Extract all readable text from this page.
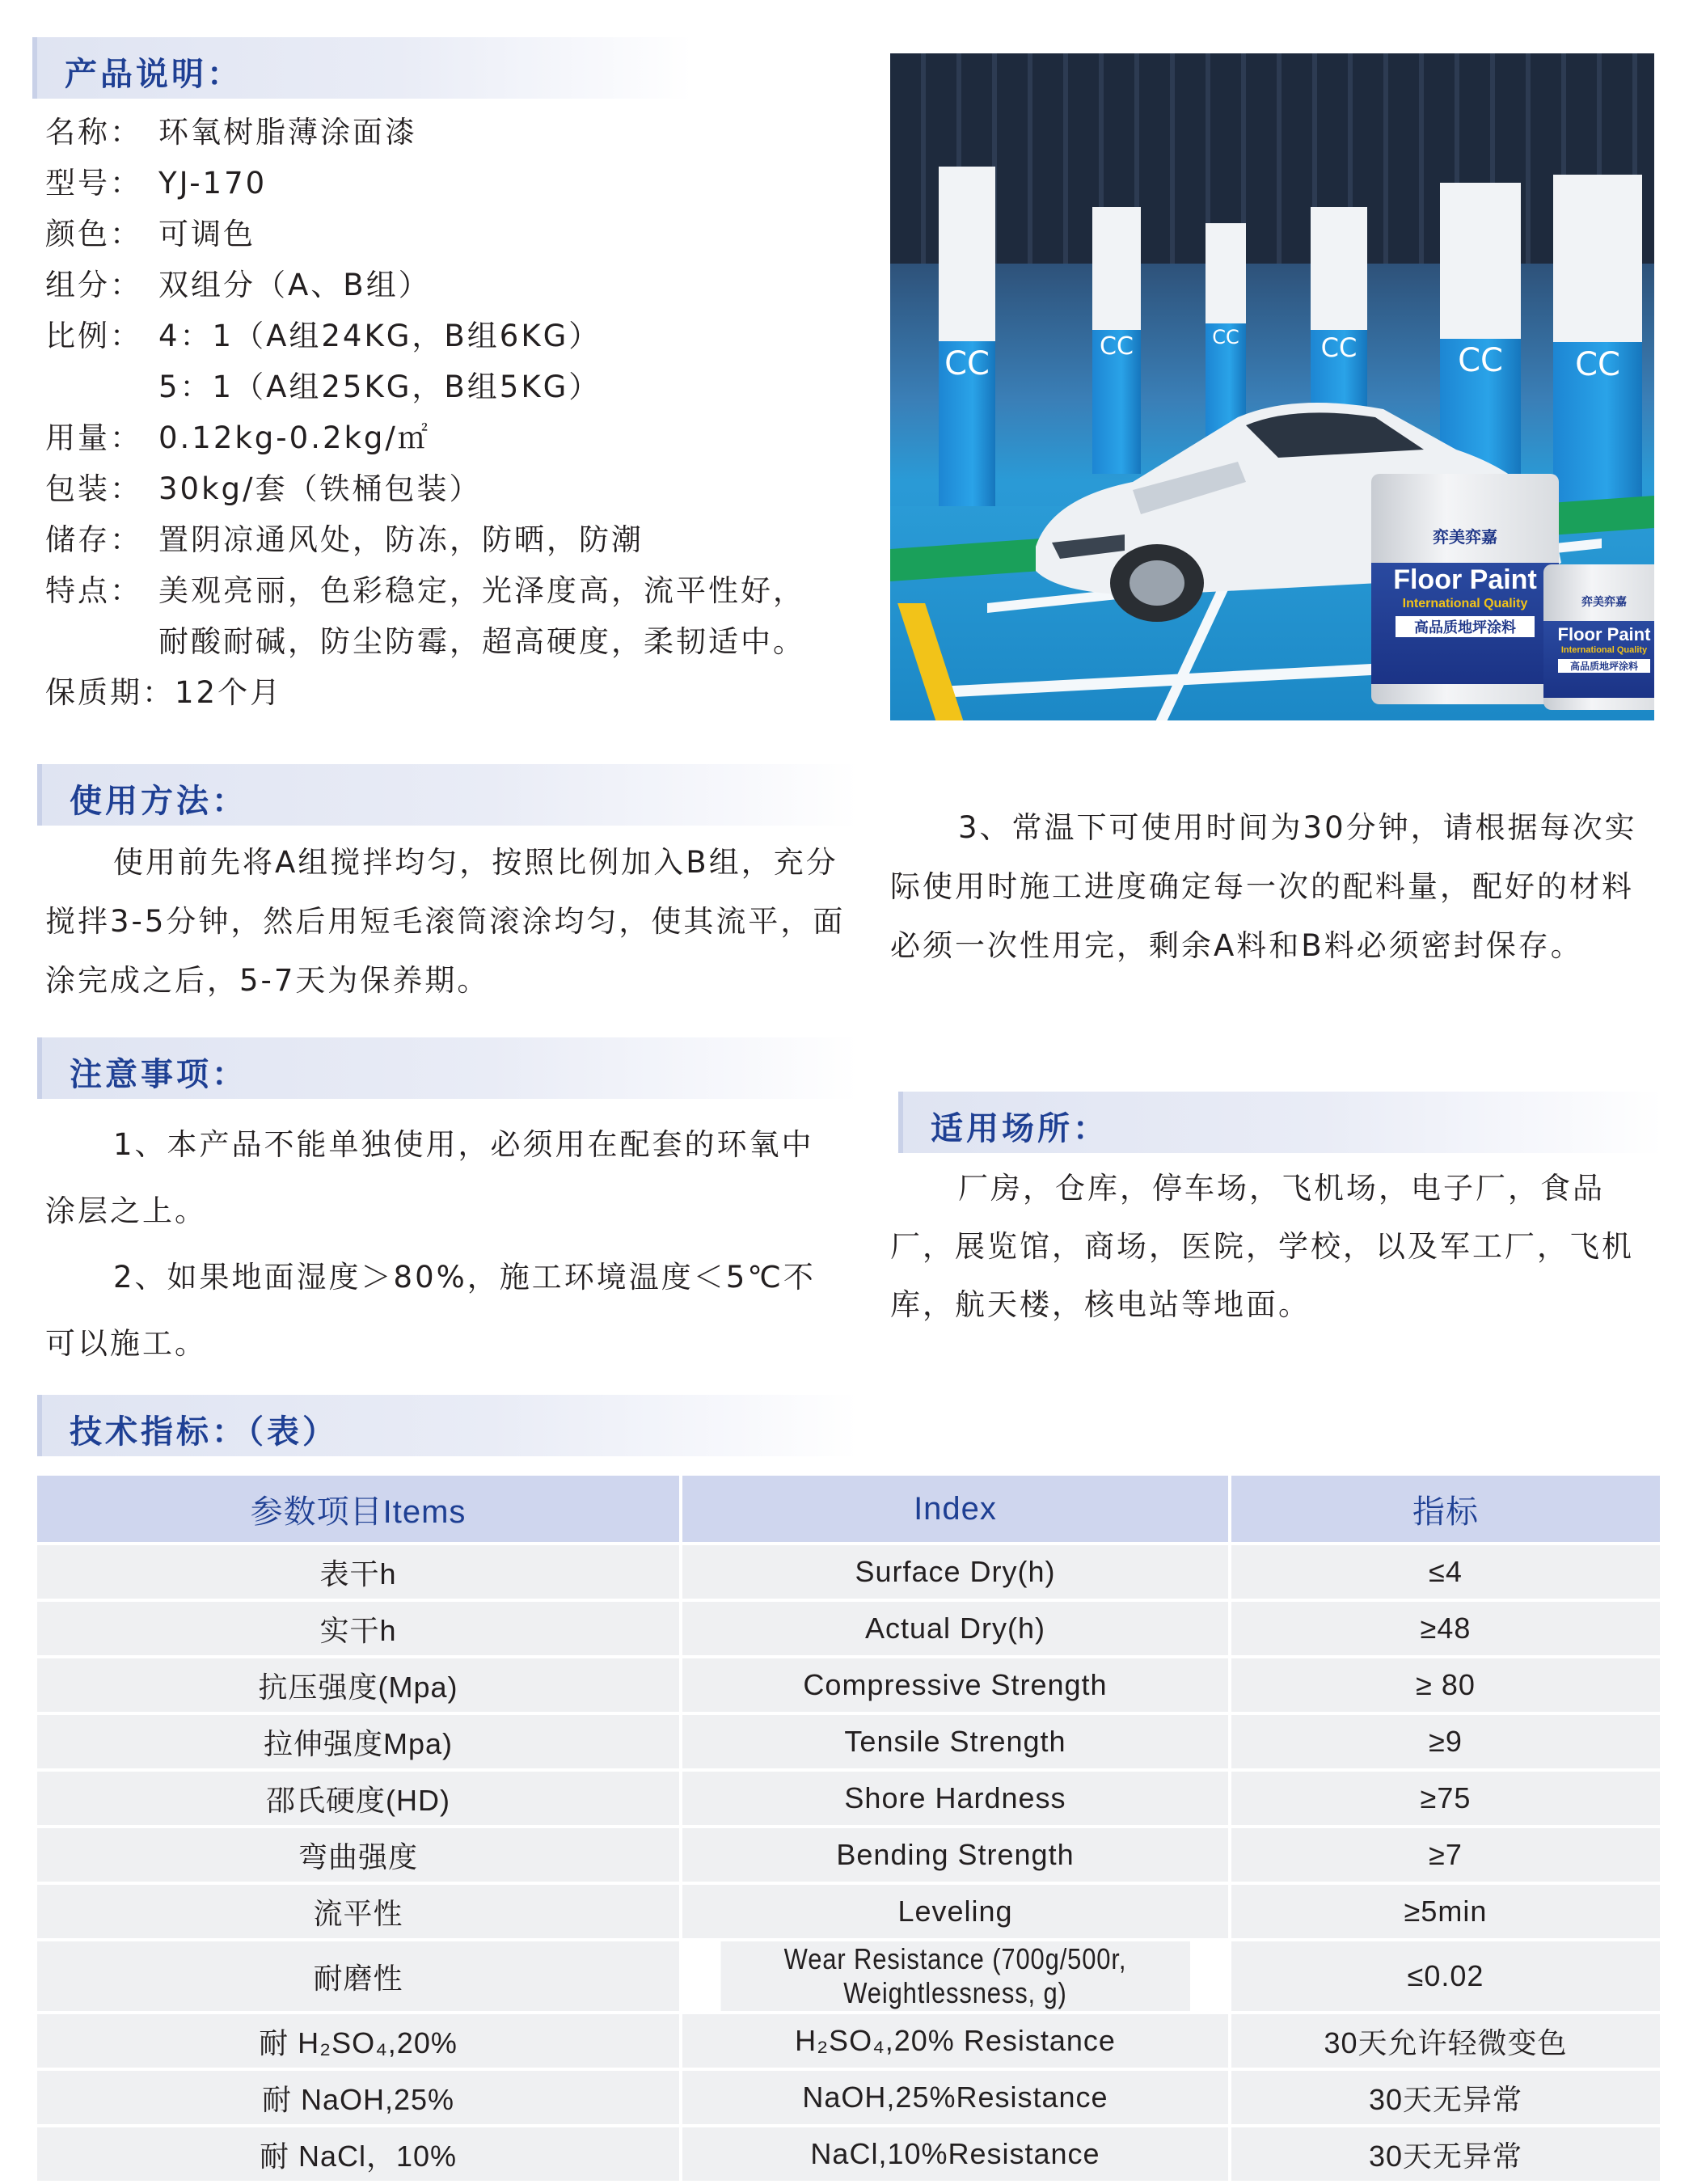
产品说明：
名称： 环氧树脂薄涂面漆
型号： YJ-170
颜色： 可调色
组分： 双组分（A、B组）
比例： 4：1（A组24KG，B组6KG）
5：1（A组25KG，B组5KG）
用量： 0.12kg-0.2kg/㎡
包装： 30kg/套（铁桶包装）
储存： 置阴凉通风处，防冻，防晒，防潮
特点： 美观亮丽，色彩稳定，光泽度高，流平性好，
耐酸耐碱，防尘防霉，超高硬度，柔韧适中。
保质期：12个月
CC	CC	CC	CC	CC	CC
弈美弈嘉
Floor Paint
International Quality
高品质地坪涂料
弈美弈嘉
Floor Paint
International Quality
高品质地坪涂料
使用方法：

使用前先将A组搅拌均匀，按照比例加入B组，充分搅拌3-5分钟，然后用短毛滚筒滚涂均匀，使其流平，面涂完成之后，5-7天为保养期。

3、常温下可使用时间为30分钟，请根据每次实际使用时施工进度确定每一次的配料量，配好的材料必须一次性用完，剩余A料和B料必须密封保存。

注意事项：

1、本产品不能单独使用，必须用在配套的环氧中涂层之上。

2、如果地面湿度＞80%，施工环境温度＜5℃不可以施工。

适用场所：

厂房，仓库，停车场，飞机场，电子厂，食品厂，展览馆，商场，医院，学校，以及军工厂，飞机库，航天楼，核电站等地面。

技术指标：（表）
参数项目Items	Index	指标
表干h	Surface Dry(h)	≤4
实干h	Actual Dry(h)	≥48
抗压强度(Mpa)	Compressive Strength	≥ 80
拉伸强度Mpa)	Tensile Strength	≥9
邵氏硬度(HD)	Shore Hardness	≥75
弯曲强度	Bending Strength	≥7
流平性	Leveling	≥5min
耐磨性	Wear Resistance (700g/500r, Weightlessness, g)	≤0.02
耐 H₂SO₄,20%	H₂SO₄,20% Resistance	30天允许轻微变色
耐 NaOH,25%	NaOH,25%Resistance	30天无异常
耐 NaCl，10%	NaCl,10%Resistance	30天无异常
